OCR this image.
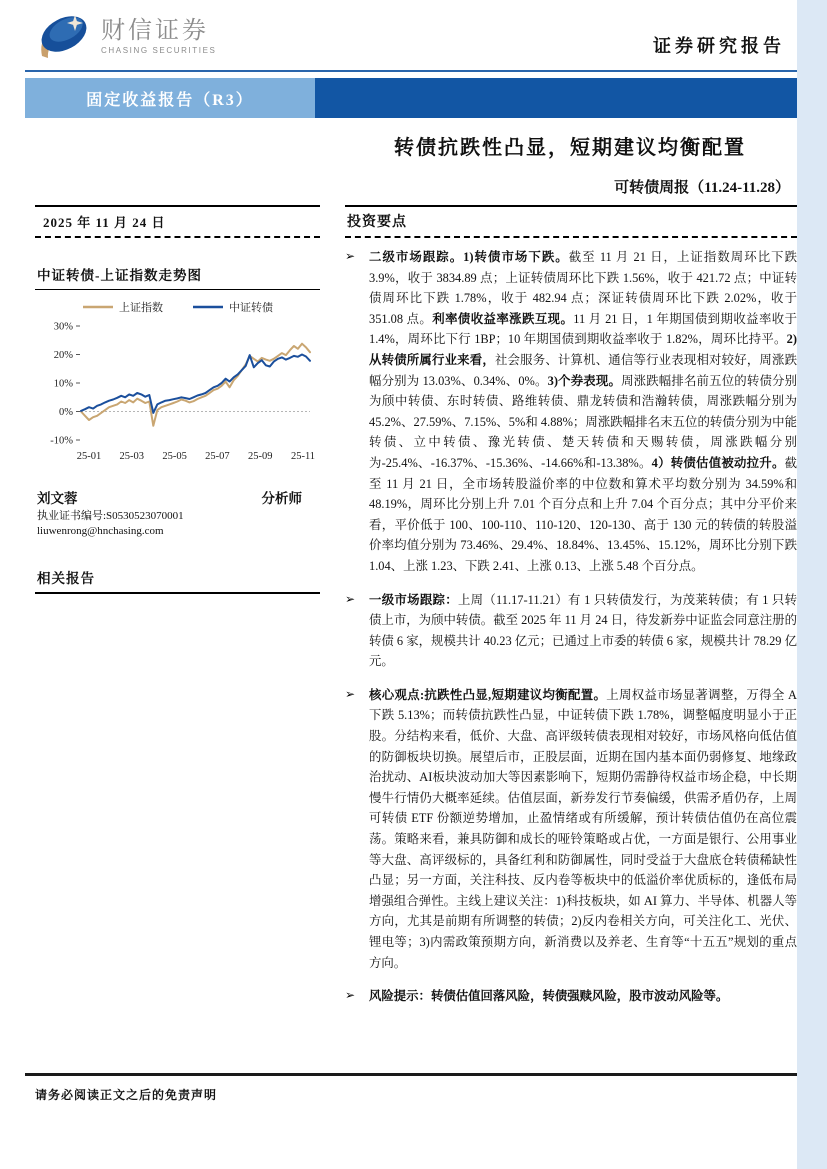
财信证券
CHASING SECURITIES	证券研究报告
固定收益报告（R3）
转债抗跌性凸显，短期建议均衡配置
可转债周报（11.24-11.28）
2025 年 11 月 24 日
中证转债-上证指数走势图
上证指数	中证转债
30%
20%
10%
0%
-10%
25-01 25-03 25-05 25-07 25-09 25-11
刘文蓉	分析师
执业证书编号:S0530523070001
liuwenrong@hnchasing.com
相关报告
投资要点
➢	二级市场跟踪。1)转债市场下跌。截至 11 月 21 日，上证指数周环比下跌 3.9%，收于 3834.89 点；上证转债周环比下跌 1.56%，收于 421.72 点；中证转债周环比下跌 1.78%，收于 482.94 点；深证转债周环比下跌 2.02%，收于 351.08 点。利率债收益率涨跌互现。11 月 21 日，1 年期国债到期收益率收于 1.4%，周环比下行 1BP；10 年期国债到期收益率收于 1.82%，周环比持平。2)从转债所属行业来看，社会服务、计算机、通信等行业表现相对较好，周涨跌幅分别为 13.03%、0.34%、0%。3)个券表现。周涨跌幅排名前五位的转债分别为颀中转债、东时转债、路维转债、鼎龙转债和浩瀚转债，周涨跌幅分别为 45.2%、27.59%、7.15%、5%和 4.88%；周涨跌幅排名末五位的转债分别为中能转债、立中转债、豫光转债、楚天转债和天赐转债，周涨跌幅分别为-25.4%、-16.37%、-15.36%、-14.66%和-13.38%。4）转债估值被动拉升。截至 11 月 21 日，全市场转股溢价率的中位数和算术平均数分别为 34.59%和 48.19%，周环比分别上升 7.01 个百分点和上升 7.04 个百分点；其中分平价来看，平价低于 100、100-110、110-120、120-130、高于 130 元的转债的转股溢价率均值分别为 73.46%、29.4%、18.84%、13.45%、15.12%，周环比分别下跌 1.04、上涨 1.23、下跌 2.41、上涨 0.13、上涨 5.48 个百分点。
➢	一级市场跟踪：上周（11.17-11.21）有 1 只转债发行，为茂莱转债；有 1 只转债上市，为颀中转债。截至 2025 年 11 月 24 日，待发新券中证监会同意注册的转债 6 家，规模共计 40.23 亿元；已通过上市委的转债 6 家，规模共计 78.29 亿元。
➢	核心观点:抗跌性凸显,短期建议均衡配置。上周权益市场显著调整，万得全 A 下跌 5.13%；而转债抗跌性凸显，中证转债下跌 1.78%，调整幅度明显小于正股。分结构来看，低价、大盘、高评级转债表现相对较好，市场风格向低估值的防御板块切换。展望后市，正股层面，近期在国内基本面仍弱修复、地缘政治扰动、AI板块波动加大等因素影响下，短期仍需静待权益市场企稳，中长期慢牛行情仍大概率延续。估值层面，新券发行节奏偏缓，供需矛盾仍存，上周可转债 ETF 份额逆势增加，止盈情绪或有所缓解，预计转债估值仍在高位震荡。策略来看，兼具防御和成长的哑铃策略或占优，一方面是银行、公用事业等大盘、高评级标的，具备红利和防御属性，同时受益于大盘底仓转债稀缺性凸显；另一方面，关注科技、反内卷等板块中的低溢价率优质标的，逢低布局增强组合弹性。主线上建议关注：1)科技板块，如 AI 算力、半导体、机器人等方向，尤其是前期有所调整的转债；2)反内卷相关方向，可关注化工、光伏、锂电等；3)内需政策预期方向，新消费以及养老、生育等“十五五”规划的重点方向。
➢	风险提示：转债估值回落风险，转债强赎风险，股市波动风险等。
请务必阅读正文之后的免责声明
